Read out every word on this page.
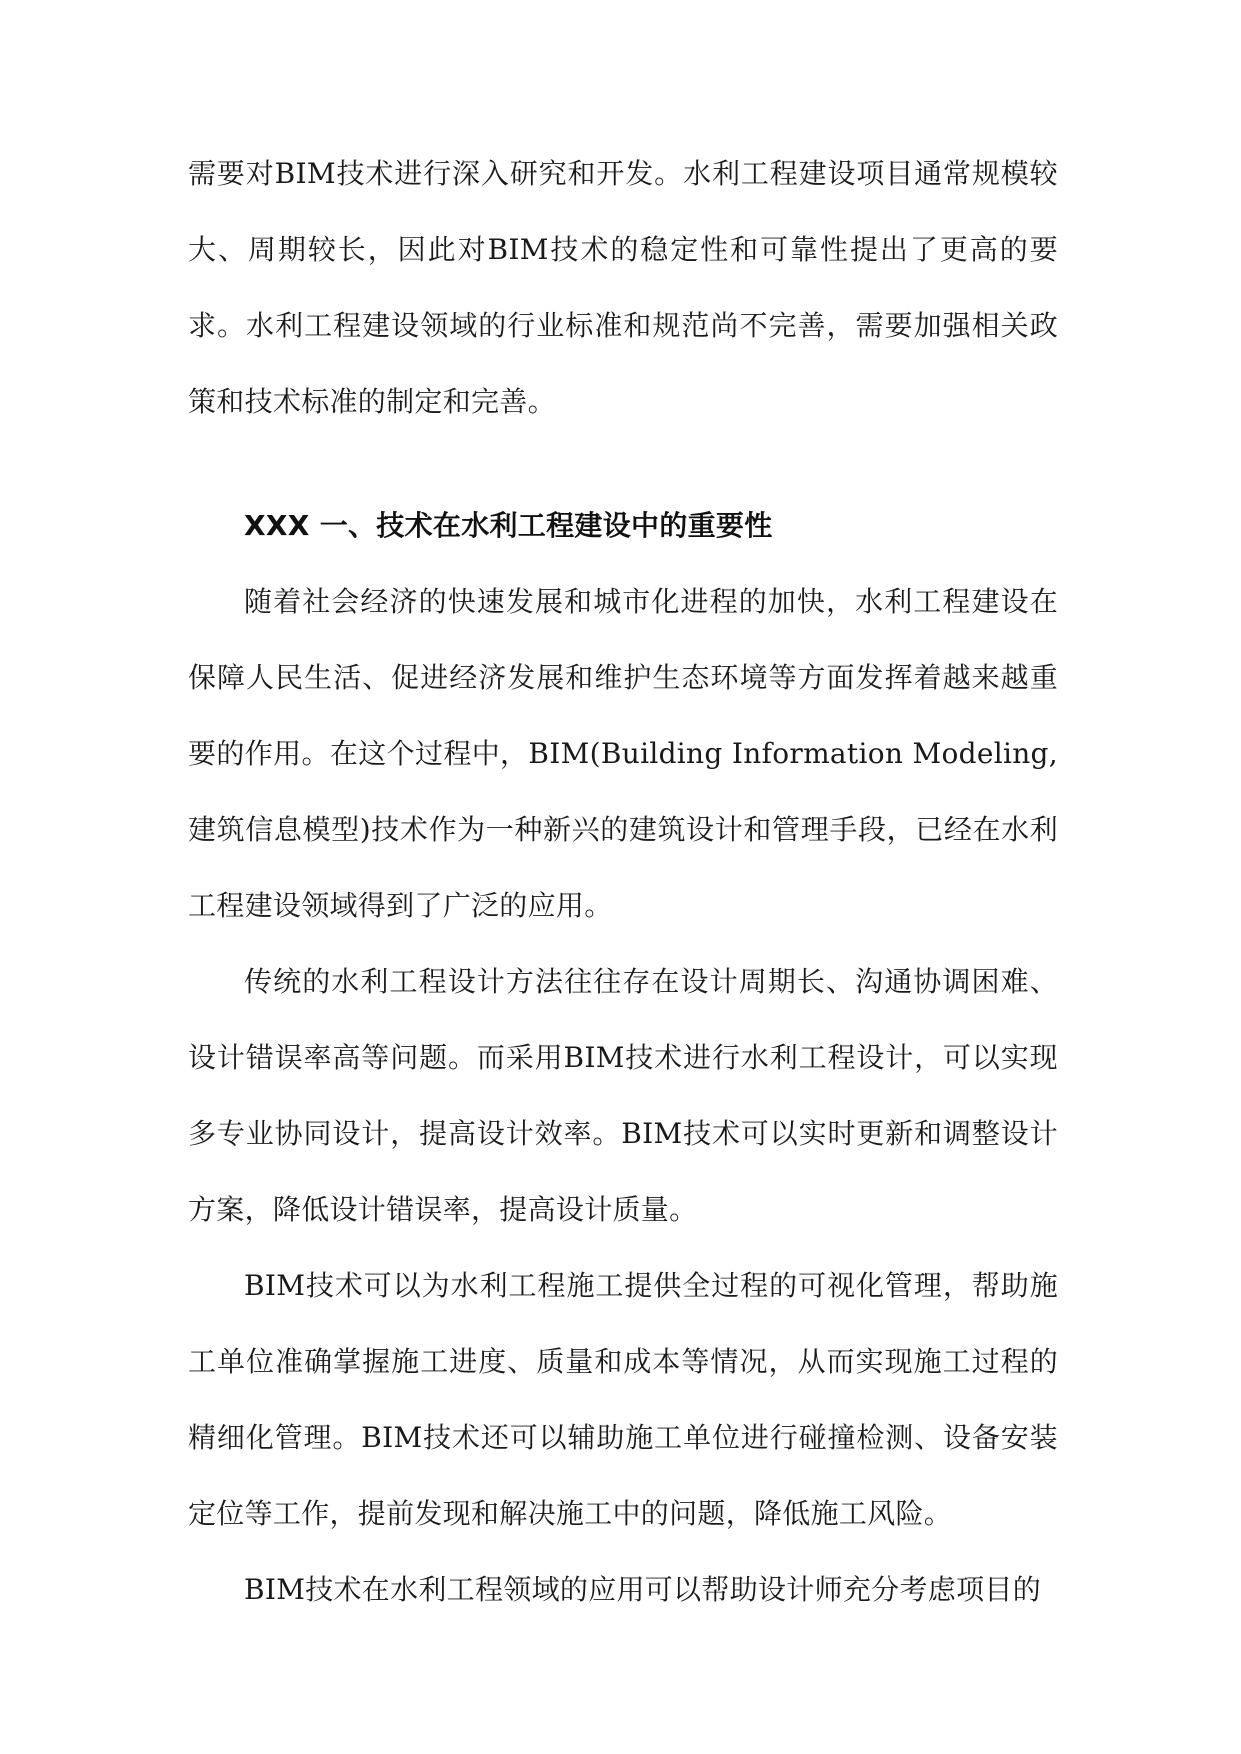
需要对BIM技术进行深入研究和开发。水利工程建设项目通常规模较大、周期较长，因此对BIM技术的稳定性和可靠性提出了更高的要求。水利工程建设领域的行业标准和规范尚不完善，需要加强相关政策和技术标准的制定和完善。

XXX 一、技术在水利工程建设中的重要性

随着社会经济的快速发展和城市化进程的加快，水利工程建设在保障人民生活、促进经济发展和维护生态环境等方面发挥着越来越重要的作用。在这个过程中，BIM(Building Information Modeling,建筑信息模型)技术作为一种新兴的建筑设计和管理手段，已经在水利工程建设领域得到了广泛的应用。

传统的水利工程设计方法往往存在设计周期长、沟通协调困难、设计错误率高等问题。而采用BIM技术进行水利工程设计，可以实现多专业协同设计，提高设计效率。BIM技术可以实时更新和调整设计方案，降低设计错误率，提高设计质量。

BIM技术可以为水利工程施工提供全过程的可视化管理，帮助施工单位准确掌握施工进度、质量和成本等情况，从而实现施工过程的精细化管理。BIM技术还可以辅助施工单位进行碰撞检测、设备安装定位等工作，提前发现和解决施工中的问题，降低施工风险。

BIM技术在水利工程领域的应用可以帮助设计师充分考虑项目的
